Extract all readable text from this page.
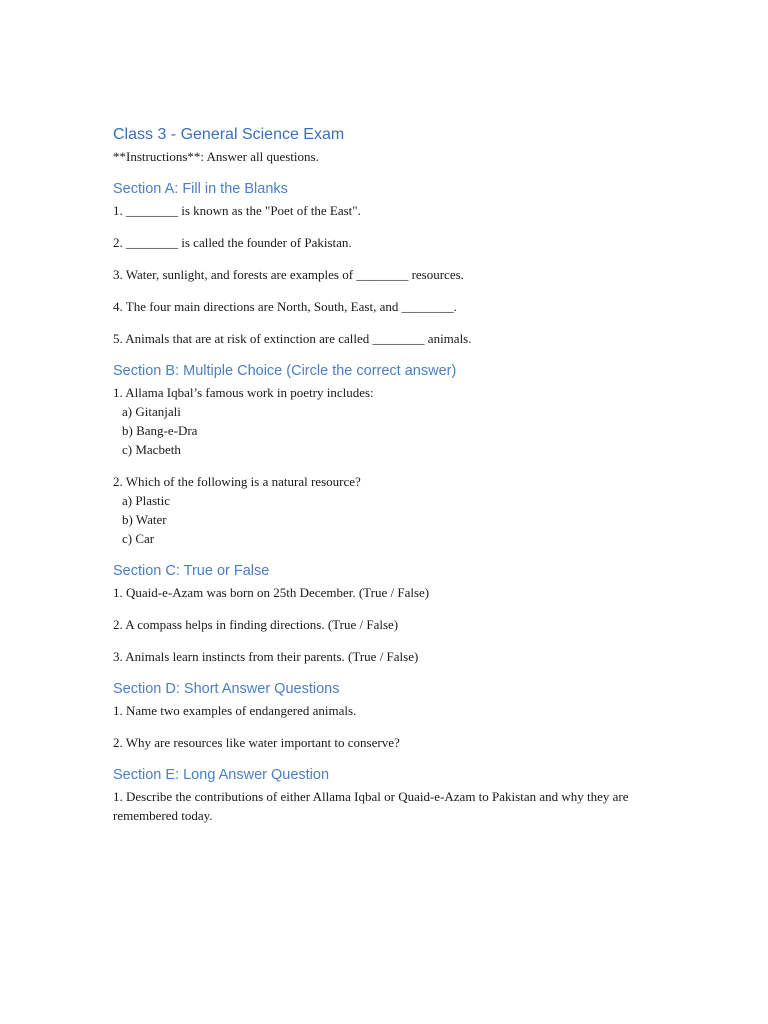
Class 3 - General Science Exam

**Instructions**: Answer all questions.

Section A: Fill in the Blanks

1. ________ is known as the "Poet of the East".

2. ________ is called the founder of Pakistan.

3. Water, sunlight, and forests are examples of ________ resources.

4. The four main directions are North, South, East, and ________.

5. Animals that are at risk of extinction are called ________ animals.

Section B: Multiple Choice (Circle the correct answer)

1. Allama Iqbal’s famous work in poetry includes:

a) Gitanjali

b) Bang-e-Dra

c) Macbeth

2. Which of the following is a natural resource?

a) Plastic

b) Water

c) Car

Section C: True or False

1. Quaid-e-Azam was born on 25th December. (True / False)

2. A compass helps in finding directions. (True / False)

3. Animals learn instincts from their parents. (True / False)

Section D: Short Answer Questions

1. Name two examples of endangered animals.

2. Why are resources like water important to conserve?

Section E: Long Answer Question

1. Describe the contributions of either Allama Iqbal or Quaid-e-Azam to Pakistan and why they are remembered today.
